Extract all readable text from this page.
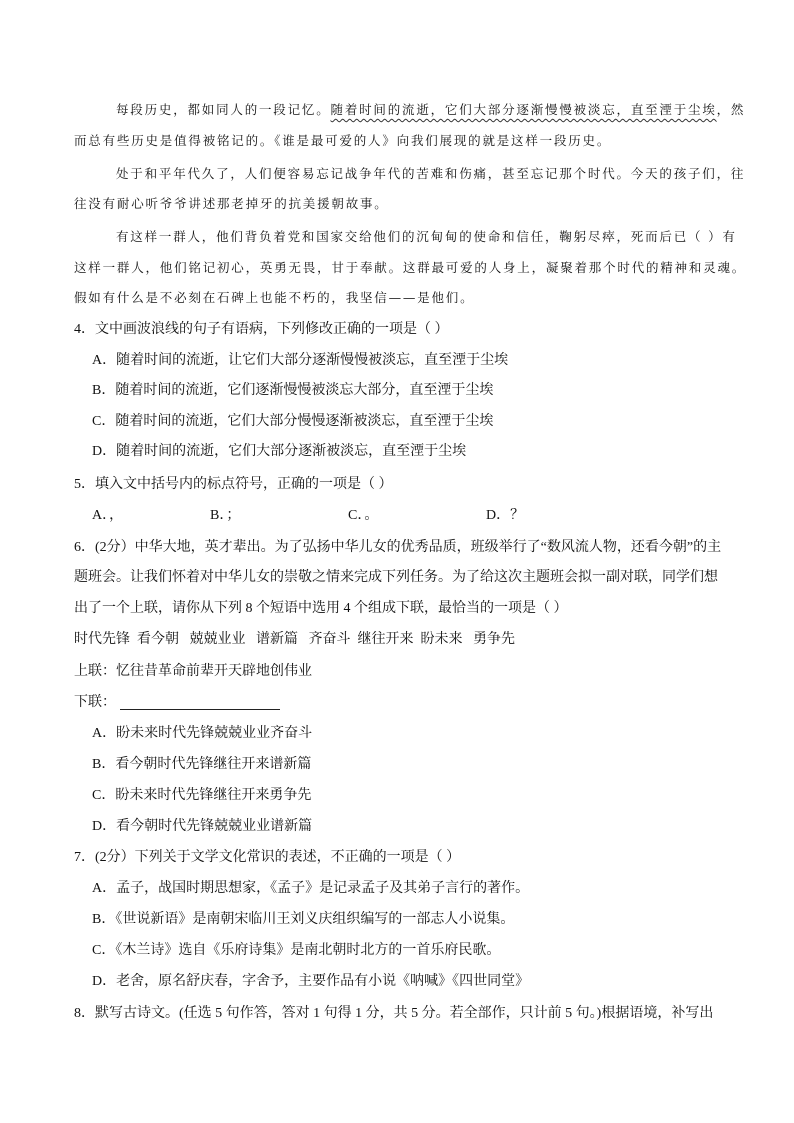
每段历史，都如同人的一段记忆。随着时间的流逝，它们大部分逐渐慢慢被淡忘，直至湮于尘埃，然
而总有些历史是值得被铭记的。《谁是最可爱的人》向我们展现的就是这样一段历史。
处于和平年代久了，人们便容易忘记战争年代的苦难和伤痛，甚至忘记那个时代。今天的孩子们，往
往没有耐心听爷爷讲述那老掉牙的抗美援朝故事。
有这样一群人，他们背负着党和国家交给他们的沉甸甸的使命和信任，鞠躬尽瘁，死而后已（ ）有
这样一群人，他们铭记初心，英勇无畏，甘于奉献。这群最可爱的人身上，凝聚着那个时代的精神和灵魂。
假如有什么是不必刻在石碑上也能不朽的，我坚信——是他们。
4．文中画波浪线的句子有语病，下列修改正确的一项是（ ）
A．随着时间的流逝，让它们大部分逐渐慢慢被淡忘，直至湮于尘埃
B．随着时间的流逝，它们逐渐慢慢被淡忘大部分，直至湮于尘埃
C．随着时间的流逝，它们大部分慢慢逐渐被淡忘，直至湮于尘埃
D．随着时间的流逝，它们大部分逐渐被淡忘，直至湮于尘埃
5．填入文中括号内的标点符号，正确的一项是（ ）
A．，	B．；	C．。	D．？
6．(2分）中华大地，英才辈出。为了弘扬中华儿女的优秀品质，班级举行了“数风流人物，还看今朝”的主
题班会。让我们怀着对中华儿女的崇敬之情来完成下列任务。为了给这次主题班会拟一副对联，同学们想
出了一个上联，请你从下列 8 个短语中选用 4 个组成下联，最恰当的一项是（ ）
时代先锋  看今朝   兢兢业业   谱新篇   齐奋斗  继往开来  盼未来   勇争先
上联：忆往昔革命前辈开天辟地创伟业
下联：
A．盼未来时代先锋兢兢业业齐奋斗
B．看今朝时代先锋继往开来谱新篇
C．盼未来时代先锋继往开来勇争先
D．看今朝时代先锋兢兢业业谱新篇
7．(2分）下列关于文学文化常识的表述，不正确的一项是（ ）
A．孟子，战国时期思想家，《孟子》是记录孟子及其弟子言行的著作。
B．《世说新语》是南朝宋临川王刘义庆组织编写的一部志人小说集。
C．《木兰诗》选自《乐府诗集》是南北朝时北方的一首乐府民歌。
D．老舍，原名舒庆春，字舍予，主要作品有小说《呐喊》《四世同堂》
8．默写古诗文。(任选 5 句作答，答对 1 句得 1 分，共 5 分。若全部作，只计前 5 句。)根据语境，补写出
